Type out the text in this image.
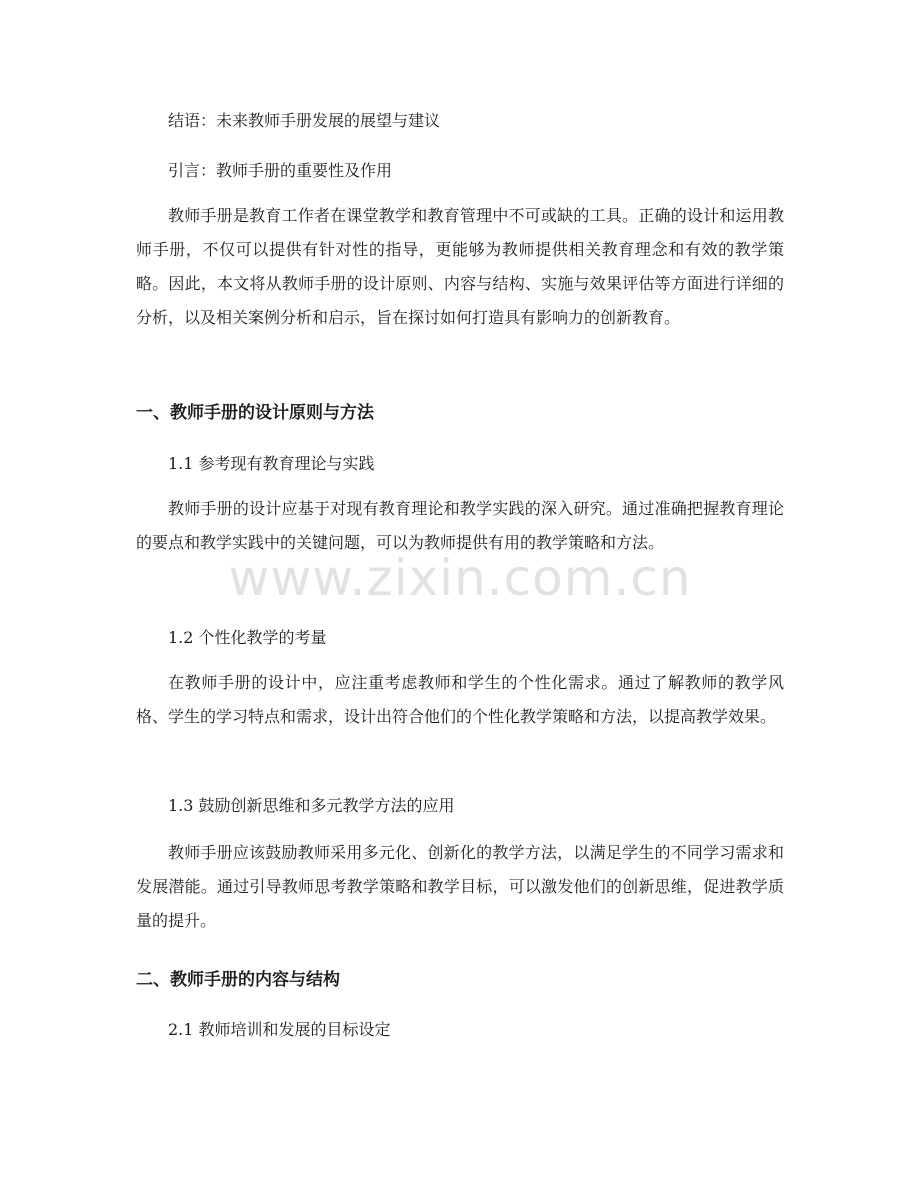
结语：未来教师手册发展的展望与建议
引言：教师手册的重要性及作用
教师手册是教育工作者在课堂教学和教育管理中不可或缺的工具。正确的设计和运用教师手册，不仅可以提供有针对性的指导，更能够为教师提供相关教育理念和有效的教学策略。因此，本文将从教师手册的设计原则、内容与结构、实施与效果评估等方面进行详细的分析，以及相关案例分析和启示，旨在探讨如何打造具有影响力的创新教育。
一、教师手册的设计原则与方法
1.1 参考现有教育理论与实践
教师手册的设计应基于对现有教育理论和教学实践的深入研究。通过准确把握教育理论的要点和教学实践中的关键问题，可以为教师提供有用的教学策略和方法。
1.2 个性化教学的考量
在教师手册的设计中，应注重考虑教师和学生的个性化需求。通过了解教师的教学风格、学生的学习特点和需求，设计出符合他们的个性化教学策略和方法，以提高教学效果。
1.3 鼓励创新思维和多元教学方法的应用
教师手册应该鼓励教师采用多元化、创新化的教学方法，以满足学生的不同学习需求和发展潜能。通过引导教师思考教学策略和教学目标，可以激发他们的创新思维，促进教学质量的提升。
二、教师手册的内容与结构
2.1 教师培训和发展的目标设定
www.zixin.com.cn
